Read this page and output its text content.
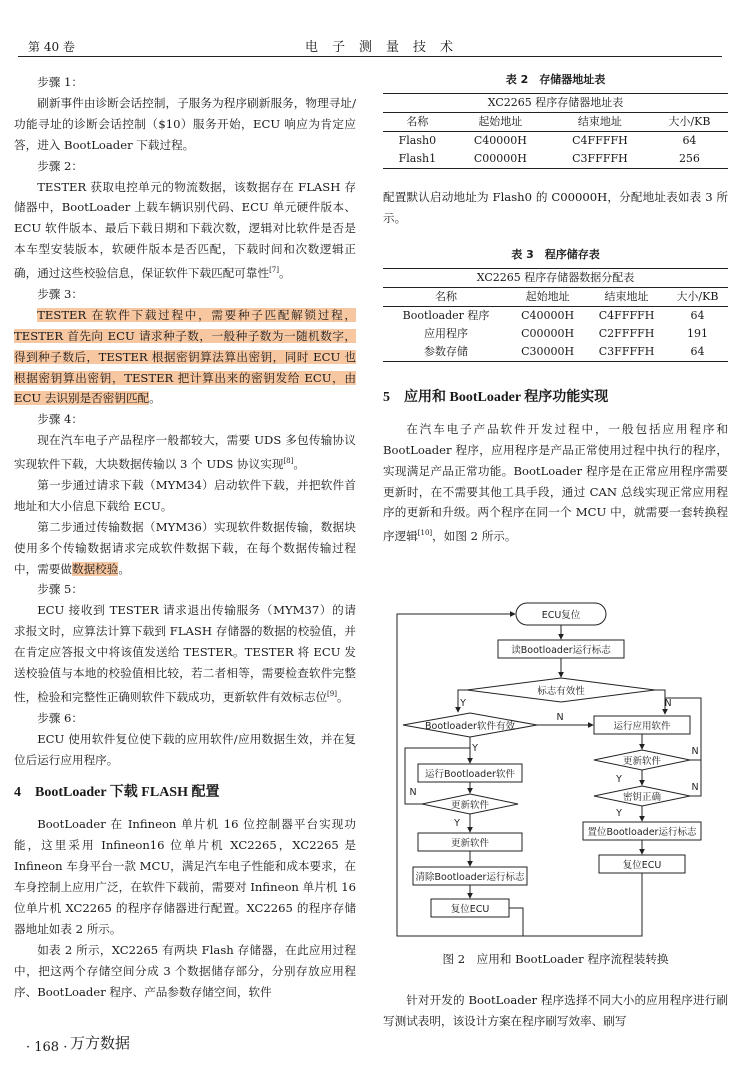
第 40 卷	电子测量技术

步骤 1：

刷新事件由诊断会话控制，子服务为程序刷新服务，物理寻址/功能寻址的诊断会话控制（$10）服务开始，ECU 响应为肯定应答，进入 BootLoader 下载过程。

步骤 2：

TESTER 获取电控单元的物流数据，该数据存在 FLASH 存储器中，BootLoader 上载车辆识别代码、ECU 单元硬件版本、ECU 软件版本、最后下载日期和下载次数，逻辑对比软件是否是本车型安装版本，软硬件版本是否匹配，下载时间和次数逻辑正确，通过这些校验信息，保证软件下载匹配可靠性[7]。

步骤 3：

TESTER 在软件下载过程中，需要种子匹配解锁过程，TESTER 首先向 ECU 请求种子数，一般种子数为一随机数字，得到种子数后，TESTER 根据密钥算法算出密钥，同时 ECU 也根据密钥算出密钥，TESTER 把计算出来的密钥发给 ECU，由 ECU 去识别是否密钥匹配。

步骤 4：

现在汽车电子产品程序一般都较大，需要 UDS 多包传输协议实现软件下载，大块数据传输以 3 个 UDS 协议实现[8]。

第一步通过请求下载（MYM34）启动软件下载，并把软件首地址和大小信息下载给 ECU。

第二步通过传输数据（MYM36）实现软件数据传输，数据块使用多个传输数据请求完成软件数据下载，在每个数据传输过程中，需要做数据校验。

步骤 5：

ECU 接收到 TESTER 请求退出传输服务（MYM37）的请求报文时，应算法计算下载到 FLASH 存储器的数据的校验值，并在肯定应答报文中将该值发送给 TESTER。TESTER 将 ECU 发送校验值与本地的校验值相比较，若二者相等，需要检查软件完整性，检验和完整性正确则软件下载成功，更新软件有效标志位[9]。

步骤 6：

ECU 使用软件复位使下载的应用软件/应用数据生效，并在复位后运行应用程序。

4　BootLoader 下载 FLASH 配置

BootLoader 在 Infineon 单片机 16 位控制器平台实现功能，这里采用 Infineon16 位单片机 XC2265，XC2265 是 Infineon 车身平台一款 MCU，满足汽车电子性能和成本要求，在车身控制上应用广泛，在软件下载前，需要对 Infineon 单片机 16 位单片机 XC2265 的程序存储器进行配置。XC2265 的程序存储器地址如表 2 所示。

如表 2 所示，XC2265 有两块 Flash 存储器，在此应用过程中，把这两个存储空间分成 3 个数据储存部分，分别存放应用程序、BootLoader 程序、产品参数存储空间，软件

表 2　存储器地址表
XC2265 程序存储器地址表			
名称	起始地址	结束地址	大小/KB
Flash0	C40000H	C4FFFFH	64
Flash1	C00000H	C3FFFFH	256

配置默认启动地址为 Flash0 的 C00000H，分配地址表如表 3 所示。

表 3　程序储存表
XC2265 程序存储器数据分配表			
名称	起始地址	结束地址	大小/KB
Bootloader 程序	C40000H	C4FFFFH	64
应用程序	C00000H	C2FFFFH	191
参数存储	C30000H	C3FFFFH	64
5　应用和 BootLoader 程序功能实现

在汽车电子产品软件开发过程中，一般包括应用程序和 BootLoader 程序，应用程序是产品正常使用过程中执行的程序，实现满足产品正常功能。BootLoader 程序是在正常应用程序需要更新时，在不需要其他工具手段，通过 CAN 总线实现正常应用程序的更新和升级。两个程序在同一个 MCU 中，就需要一套转换程序逻辑[10]，如图 2 所示。

ECU复位
读Bootloader运行标志
标志有效性
Bootloader软件有效	运行应用软件
更新软件
运行Bootloader软件
密钥正确
更新软件
置位Bootloader运行标志
更新软件
复位ECU
清除Bootloader运行标志
复位ECU
Y	N
N
Y	N
Y
N
N
Y
Y
图 2　应用和 BootLoader 程序流程装转换

针对开发的 BootLoader 程序选择不同大小的应用程序进行刷写测试表明，该设计方案在程序刷写效率、刷写

· 168 · 万方数据
